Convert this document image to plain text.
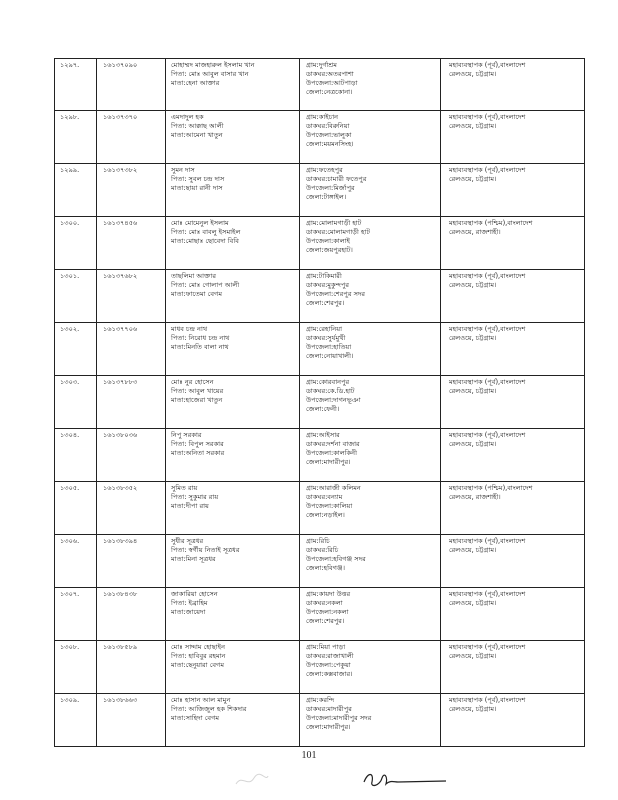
১২৯৭.	১৬১৩৭০৯০	মোহাম্মদ মাজহারুল ইসলাম খান
পিতা: মোঃ আবুল বাসার খান
মাতা:হেনা আক্তার
গ্রাম:দুর্গাশ্রম
ডাকঘর:অতরপাশা
উপজেলা:আটপাড়া
জেলা:নেত্রকোনা।
মহাব্যবস্থাপক (পূর্ব),বাংলাদেশ
রেলওয়ে, চট্টগ্রাম।
১২৯৮.	১৬১৩৭৩৭০	এমদাদুল হক
পিতা: আক্কাছ আলী
মাতা:আমেনা খাতুন
গ্রাম:কাইচান
ডাকঘর:বিরুনিয়া
উপজেলা:ভালুকা
জেলা:ময়মনসিংহ।
মহাব্যবস্থাপক (পূর্ব),বাংলাদেশ
রেলওয়ে, চট্টগ্রাম।
১২৯৯.	১৬১৩৭৩৮২	সুমন দাস
পিতা: সুবল চন্দ্র দাস
মাতা:ছায়া রানী দাস
গ্রাম:ফতেহপুর
ডাকঘর:চামারী ফতেপুর
উপজেলা:মির্জাপুর
জেলা:টাঙ্গাইল।
মহাব্যবস্থাপক (পূর্ব),বাংলাদেশ
রেলওয়ে, চট্টগ্রাম।
১৩০০.	১৬১৩৭৪৫৬	মোঃ মোমেনুল ইসলাম
পিতা: মোঃ বাবলু ইসমাইল
মাতা:মোছাঃ ছোবেদা বিবি
গ্রাম:মোলামগাড়ী হাট
ডাকঘর:মোলামগাড়ী হাট
উপজেলা:কালাই
জেলা:জয়পুরহাট।
মহাব্যবস্থাপক (পশ্চিম),বাংলাদেশ
রেলওয়ে, রাজশাহী।
১৩০১.	১৬১৩৭৬৮২	তাছলিমা আক্তার
পিতা: মোঃ গোলাপ আলী
মাতা:ফাতেমা বেগম
গ্রাম:টাকিমারী
ডাকঘর:মুকুন্দপুর
উপজেলা:শেরপুর সদর
জেলা:শেরপুর।
মহাব্যবস্থাপক (পূর্ব),বাংলাদেশ
রেলওয়ে, চট্টগ্রাম।
১৩০২.	১৬১৩৭৭০৬	মাধব চন্দ্র নাথ
পিতা: নিরোধ চন্দ্র নাথ
মাতা:মিনতি বালা নাথ
গ্রাম:রেহানিয়া
ডাকঘর:সুর্যমুখী
উপজেলা:হাতিয়া
জেলা:নোয়াখালী।
মহাব্যবস্থাপক (পূর্ব),বাংলাদেশ
রেলওয়ে, চট্টগ্রাম।
১৩০৩.	১৬১৩৭৮৮৩	মোঃ নুর হোসেন
পিতা: আবুল খায়ের
মাতা:হাজেরা খাতুন
গ্রাম:কোরবানপুর
ডাকঘর:কে.ডি.হাট
উপজেলা:দাগনভূঞা
জেলা:ফেনী।
মহাব্যবস্থাপক (পূর্ব),বাংলাদেশ
রেলওয়ে, চট্টগ্রাম।
১৩০৪.	১৬১৩৮০৩৬	নিপু সরকার
পিতা: বিপুল সরকার
মাতা:অনিতা সরকার
গ্রাম:আইসার
ডাকঘর:দর্শনা বাজার
উপজেলা:কালকিনী
জেলা:মাদারীপুর।
মহাব্যবস্থাপক (পূর্ব),বাংলাদেশ
রেলওয়ে, চট্টগ্রাম।
১৩০৫.	১৬১৩৮৩৫২	সুমিত রায়
পিতা: সুকুমার রায়
মাতা:দীপা রায়
গ্রাম:আরাজী কলিমন
ডাকঘর:বন্যাম
উপজেলা:কালিয়া
জেলা:নড়াইল।
মহাব্যবস্থাপক (পশ্চিম),বাংলাদেশ
রেলওয়ে, রাজশাহী।
১৩০৬.	১৬১৩৮৩৯৪	সুধীর সূত্রধর
পিতা: স্বর্গীয় নিতাই সূত্রধর
মাতা:মিনা সূত্রধর
গ্রাম:রিচি
ডাকঘর:রিচি
উপজেলা:হবিগঞ্জ সদর
জেলা:হবিগঞ্জ।
মহাব্যবস্থাপক (পূর্ব),বাংলাদেশ
রেলওয়ে, চট্টগ্রাম।
১৩০৭.	১৬১৩৮৪৩৮	জাকারিয়া হোসেন
পিতা: ইব্রাহিম
মাতা:জায়েদা
গ্রাম:কায়দা উত্তর
ডাকঘর:নকলা
উপজেলা:নকলা
জেলা:শেরপুর।
মহাব্যবস্থাপক (পূর্ব),বাংলাদেশ
রেলওয়ে, চট্টগ্রাম।
১৩০৮.	১৬১৩৮৫৮৯	মোঃ সাদ্দাম হোছাইন
পিতা: হাবিবুর রহমান
মাতা:ছেনুয়ারা বেগম
গ্রাম:মিয়া পাড়া
ডাকঘর:রাজাখালী
উপজেলা:পেকুয়া
জেলা:কক্সবাজার।
মহাব্যবস্থাপক (পূর্ব),বাংলাদেশ
রেলওয়ে, চট্টগ্রাম।
১৩০৯.	১৬১৩৮৬৬৩	মোঃ হাসান আল মামুন
পিতা: আজিজুল হক শিকদার
মাতা:সাহিদা বেগম
গ্রাম:করন্দি
ডাকঘর:মাদারীপুর
উপজেলা:মাদারীপুর সদর
জেলা:মাদারীপুর।
মহাব্যবস্থাপক (পূর্ব),বাংলাদেশ
রেলওয়ে, চট্টগ্রাম।
101
